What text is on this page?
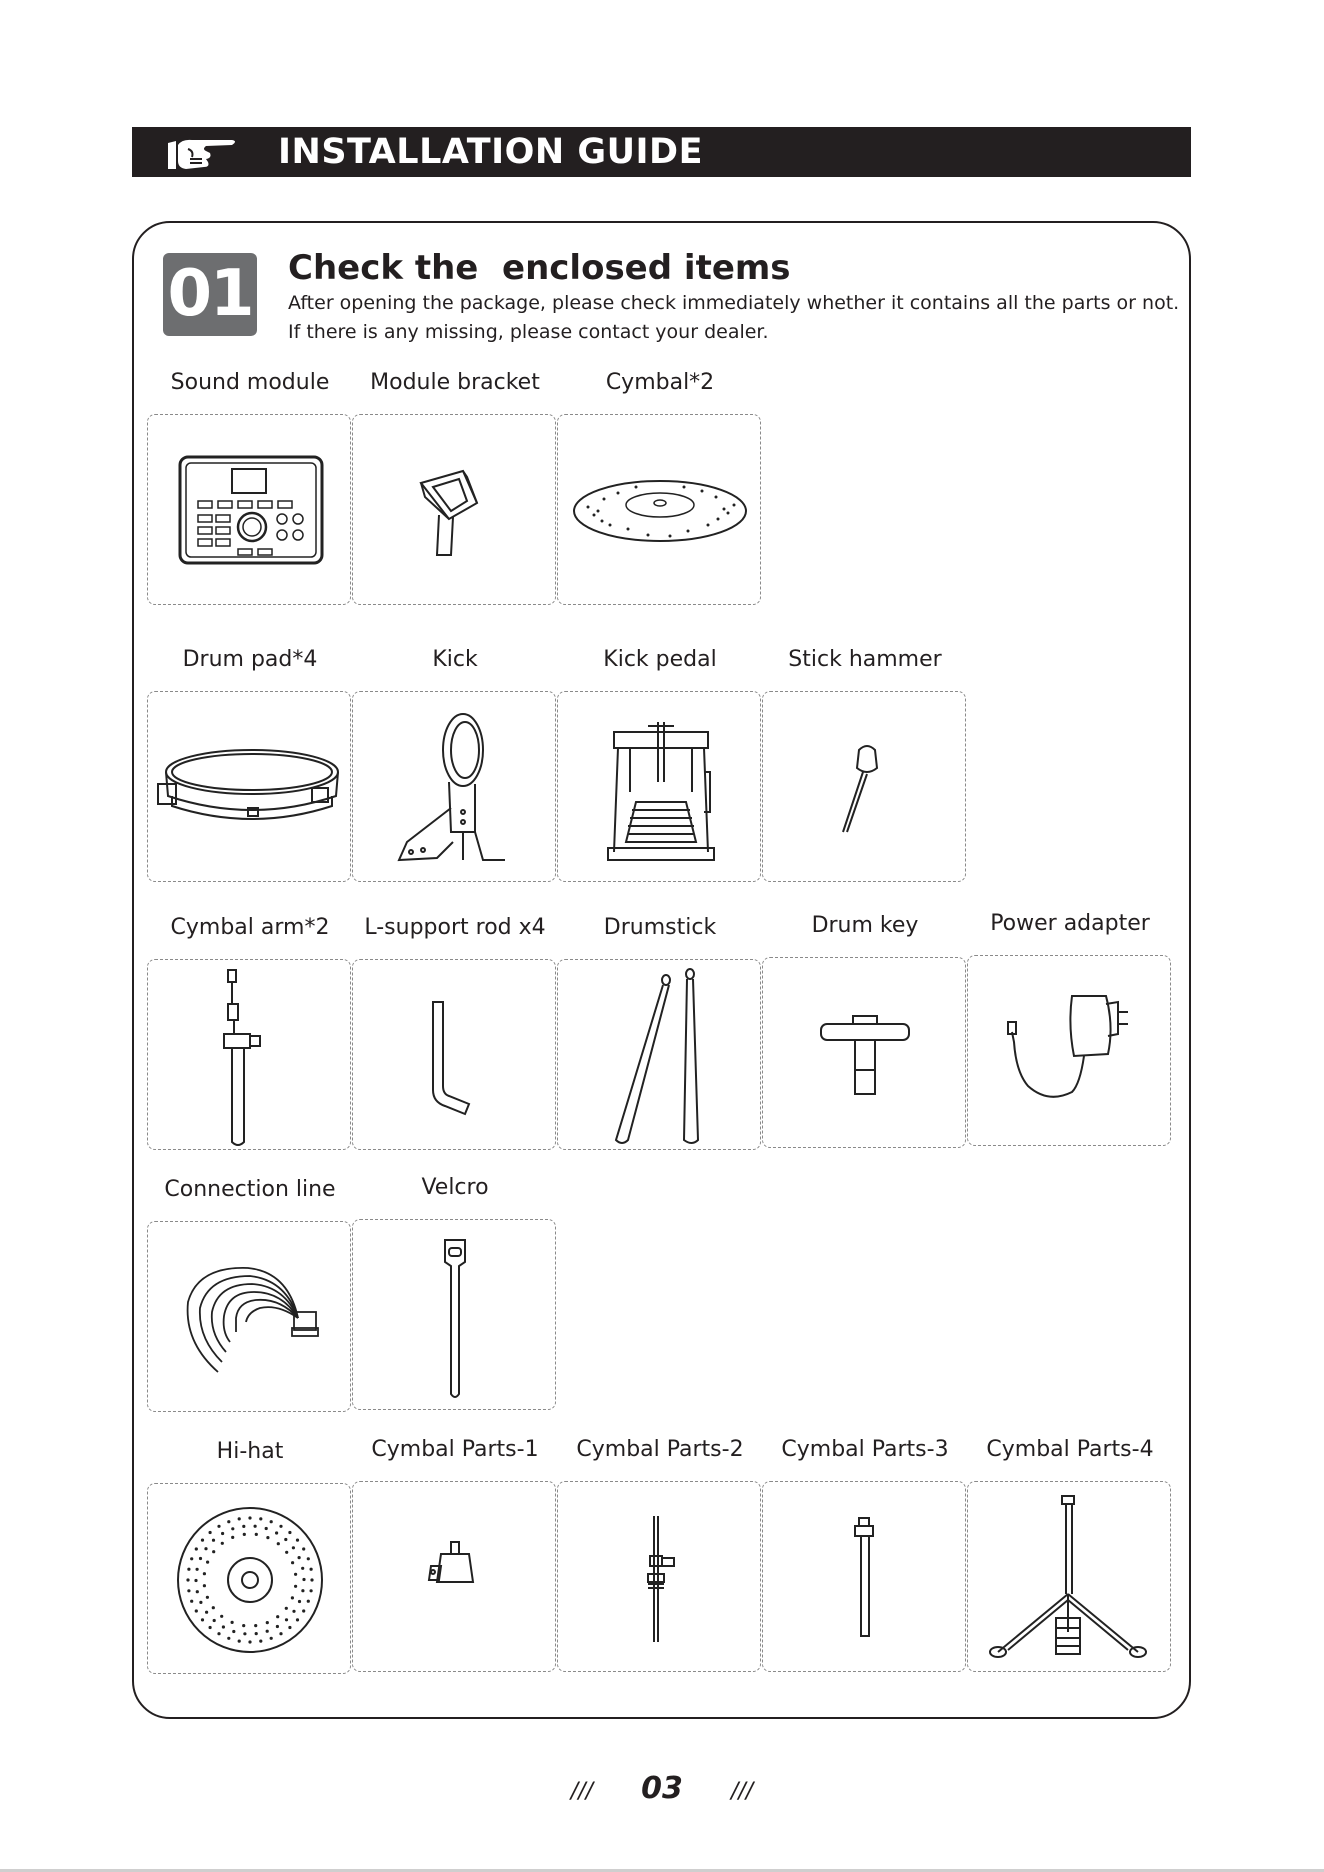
INSTALLATION GUIDE
01 Check the  enclosed items
After opening the package, please check immediately whether it contains all the parts or not. If there is any missing, please contact your dealer.
Sound module	Module bracket	Cymbal*2
Drum pad*4	Kick	Kick pedal	Stick hammer
Cymbal arm*2	L-support rod x4	Drumstick	Drum key	Power adapter
Connection line	Velcro
Hi-hat	Cymbal Parts-1	Cymbal Parts-2	Cymbal Parts-3	Cymbal Parts-4
/// 03 ///
